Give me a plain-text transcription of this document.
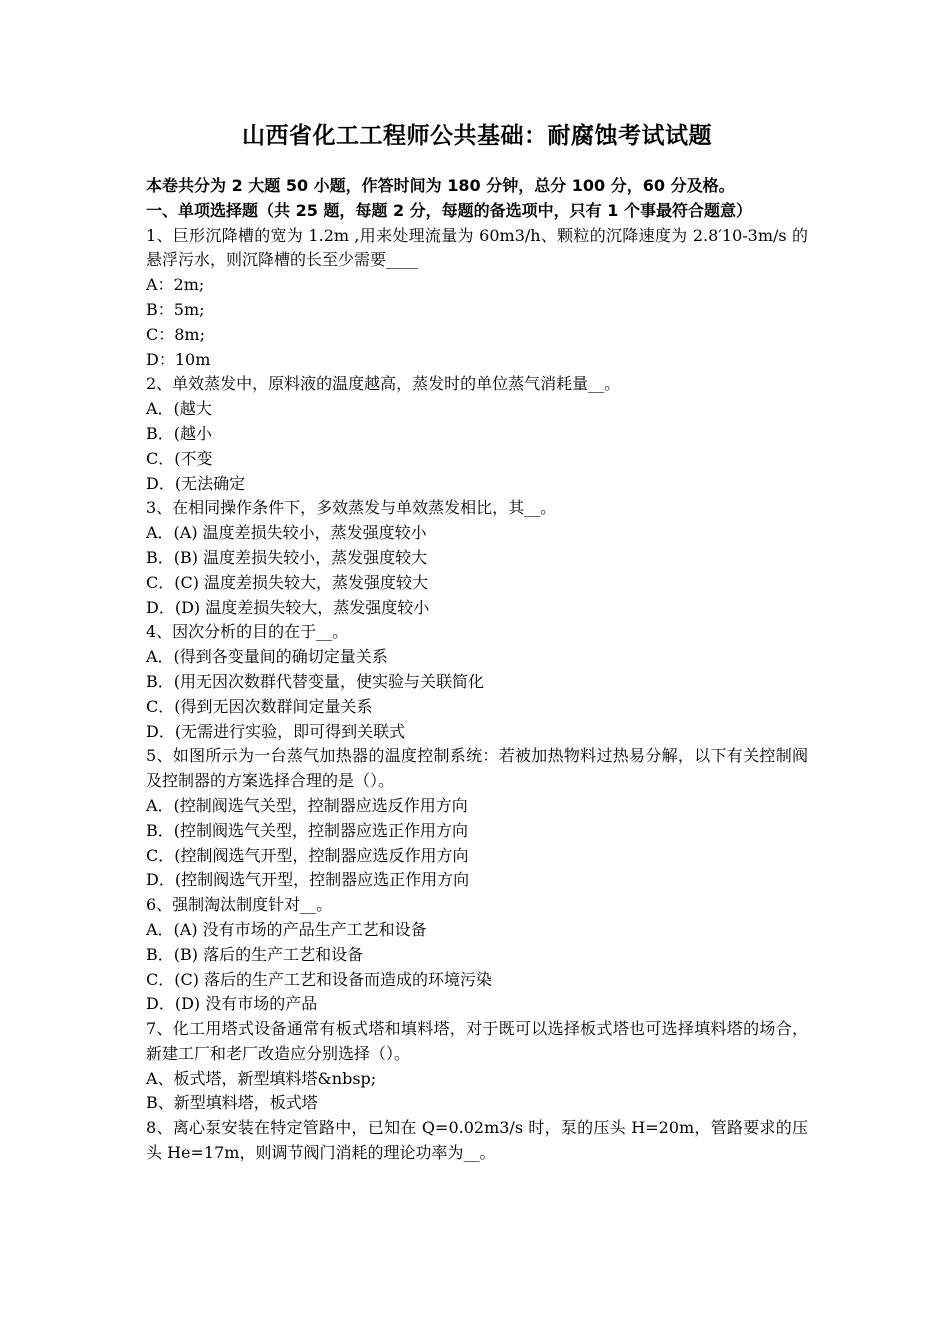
山西省化工工程师公共基础：耐腐蚀考试试题

本卷共分为 2 大题 50 小题，作答时间为 180 分钟，总分 100 分，60 分及格。

一、单项选择题（共 25 题，每题 2 分，每题的备选项中，只有 1 个事最符合题意）

1、巨形沉降槽的宽为 1.2m ,用来处理流量为 60m3/h、颗粒的沉降速度为 2.8′10-3m/s 的悬浮污水，则沉降槽的长至少需要____

A：2m;

B：5m;

C：8m;

D：10m

2、单效蒸发中，原料液的温度越高，蒸发时的单位蒸气消耗量__。

A．(越大

B．(越小

C．(不变

D．(无法确定

3、在相同操作条件下，多效蒸发与单效蒸发相比，其__。

A．(A) 温度差损失较小，蒸发强度较小

B．(B) 温度差损失较小，蒸发强度较大

C．(C) 温度差损失较大，蒸发强度较大

D．(D) 温度差损失较大，蒸发强度较小

4、因次分析的目的在于__。

A．(得到各变量间的确切定量关系

B．(用无因次数群代替变量，使实验与关联简化

C．(得到无因次数群间定量关系

D．(无需进行实验，即可得到关联式

5、如图所示为一台蒸气加热器的温度控制系统：若被加热物料过热易分解，以下有关控制阀及控制器的方案选择合理的是（）。

A．(控制阀选气关型，控制器应选反作用方向

B．(控制阀选气关型，控制器应选正作用方向

C．(控制阀选气开型，控制器应选反作用方向

D．(控制阀选气开型，控制器应选正作用方向

6、强制淘汰制度针对__。

A．(A) 没有市场的产品生产工艺和设备

B．(B) 落后的生产工艺和设备

C．(C) 落后的生产工艺和设备而造成的环境污染

D．(D) 没有市场的产品

7、化工用塔式设备通常有板式塔和填料塔，对于既可以选择板式塔也可选择填料塔的场合，新建工厂和老厂改造应分别选择（）。

A、板式塔，新型填料塔&nbsp;

B、新型填料塔，板式塔

8、离心泵安装在特定管路中，已知在 Q=0.02m3/s 时，泵的压头 H=20m，管路要求的压头 He=17m，则调节阀门消耗的理论功率为__。
